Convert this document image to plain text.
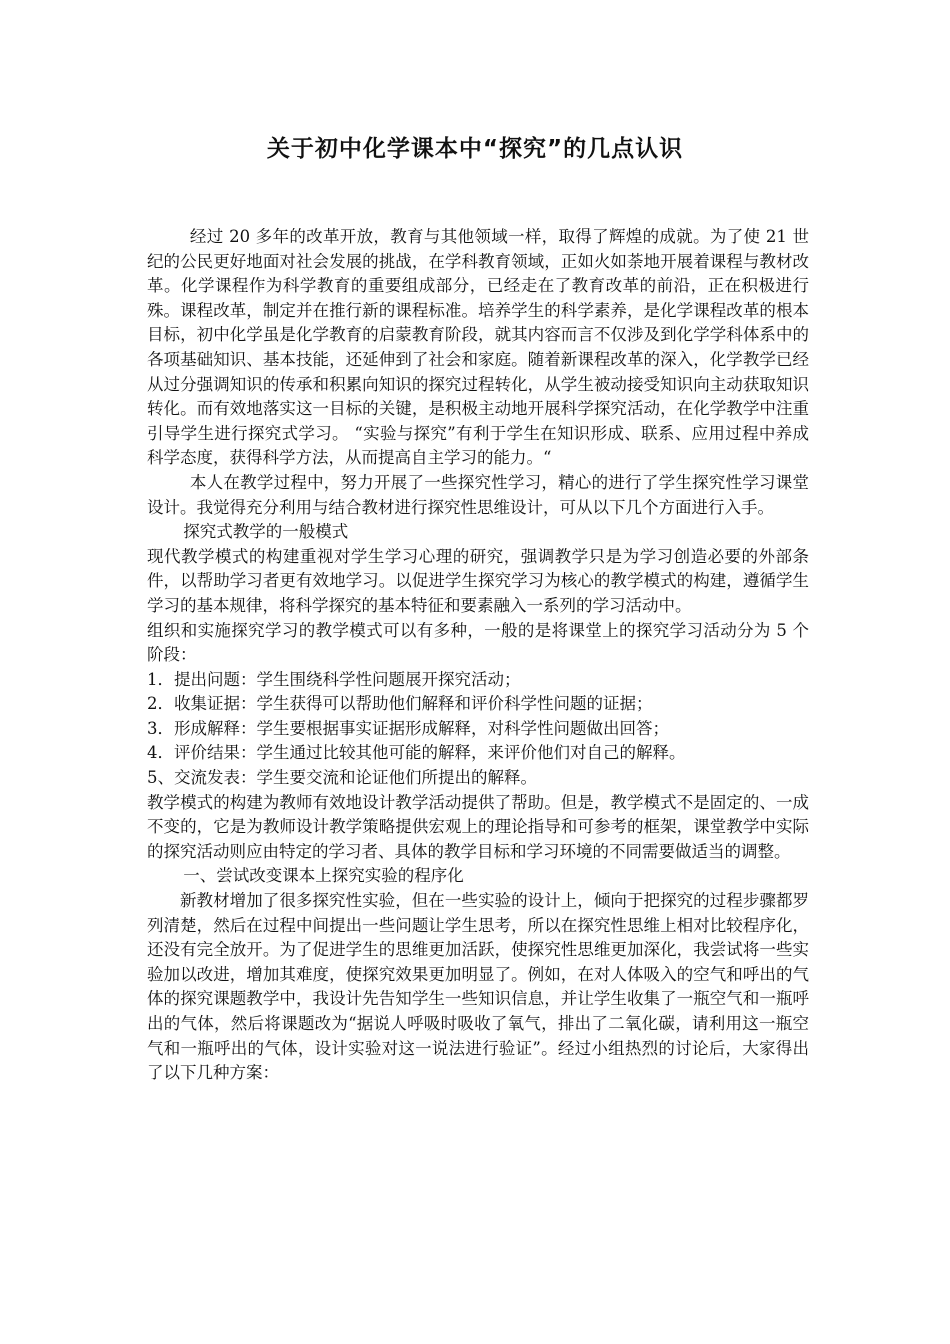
关于初中化学课本中“探究”的几点认识

经过 20 多年的改革开放，教育与其他领域一样，取得了辉煌的成就。为了使 21 世纪的公民更好地面对社会发展的挑战，在学科教育领域，正如火如荼地开展着课程与教材改革。化学课程作为科学教育的重要组成部分，已经走在了教育改革的前沿，正在积极进行殊。课程改革，制定并在推行新的课程标准。培养学生的科学素养，是化学课程改革的根本目标，初中化学虽是化学教育的启蒙教育阶段，就其内容而言不仅涉及到化学学科体系中的各项基础知识、基本技能，还延伸到了社会和家庭。随着新课程改革的深入，化学教学已经从过分强调知识的传承和积累向知识的探究过程转化，从学生被动接受知识向主动获取知识转化。而有效地落实这一目标的关键，是积极主动地开展科学探究活动，在化学教学中注重引导学生进行探究式学习。 “实验与探究”有利于学生在知识形成、联系、应用过程中养成科学态度，获得科学方法，从而提高自主学习的能力。“

本人在教学过程中，努力开展了一些探究性学习，精心的进行了学生探究性学习课堂设计。我觉得充分利用与结合教材进行探究性思维设计，可从以下几个方面进行入手。

探究式教学的一般模式

现代教学模式的构建重视对学生学习心理的研究，强调教学只是为学习创造必要的外部条件，以帮助学习者更有效地学习。以促进学生探究学习为核心的教学模式的构建，遵循学生学习的基本规律，将科学探究的基本特征和要素融入一系列的学习活动中。

组织和实施探究学习的教学模式可以有多种，一般的是将课堂上的探究学习活动分为 5 个阶段：

1．提出问题：学生围绕科学性问题展开探究活动；

2．收集证据：学生获得可以帮助他们解释和评价科学性问题的证据；

3．形成解释：学生要根据事实证据形成解释，对科学性问题做出回答；

4．评价结果：学生通过比较其他可能的解释，来评价他们对自己的解释。

5、交流发表：学生要交流和论证他们所提出的解释。

教学模式的构建为教师有效地设计教学活动提供了帮助。但是，教学模式不是固定的、一成不变的，它是为教师设计教学策略提供宏观上的理论指导和可参考的框架，课堂教学中实际的探究活动则应由特定的学习者、具体的教学目标和学习环境的不同需要做适当的调整。

一、尝试改变课本上探究实验的程序化

新教材增加了很多探究性实验，但在一些实验的设计上，倾向于把探究的过程步骤都罗列清楚，然后在过程中间提出一些问题让学生思考，所以在探究性思维上相对比较程序化，还没有完全放开。为了促进学生的思维更加活跃，使探究性思维更加深化，我尝试将一些实验加以改进，增加其难度，使探究效果更加明显了。例如，在对人体吸入的空气和呼出的气体的探究课题教学中，我设计先告知学生一些知识信息，并让学生收集了一瓶空气和一瓶呼出的气体，然后将课题改为“据说人呼吸时吸收了氧气，排出了二氧化碳，请利用这一瓶空气和一瓶呼出的气体，设计实验对这一说法进行验证”。经过小组热烈的讨论后，大家得出了以下几种方案：
